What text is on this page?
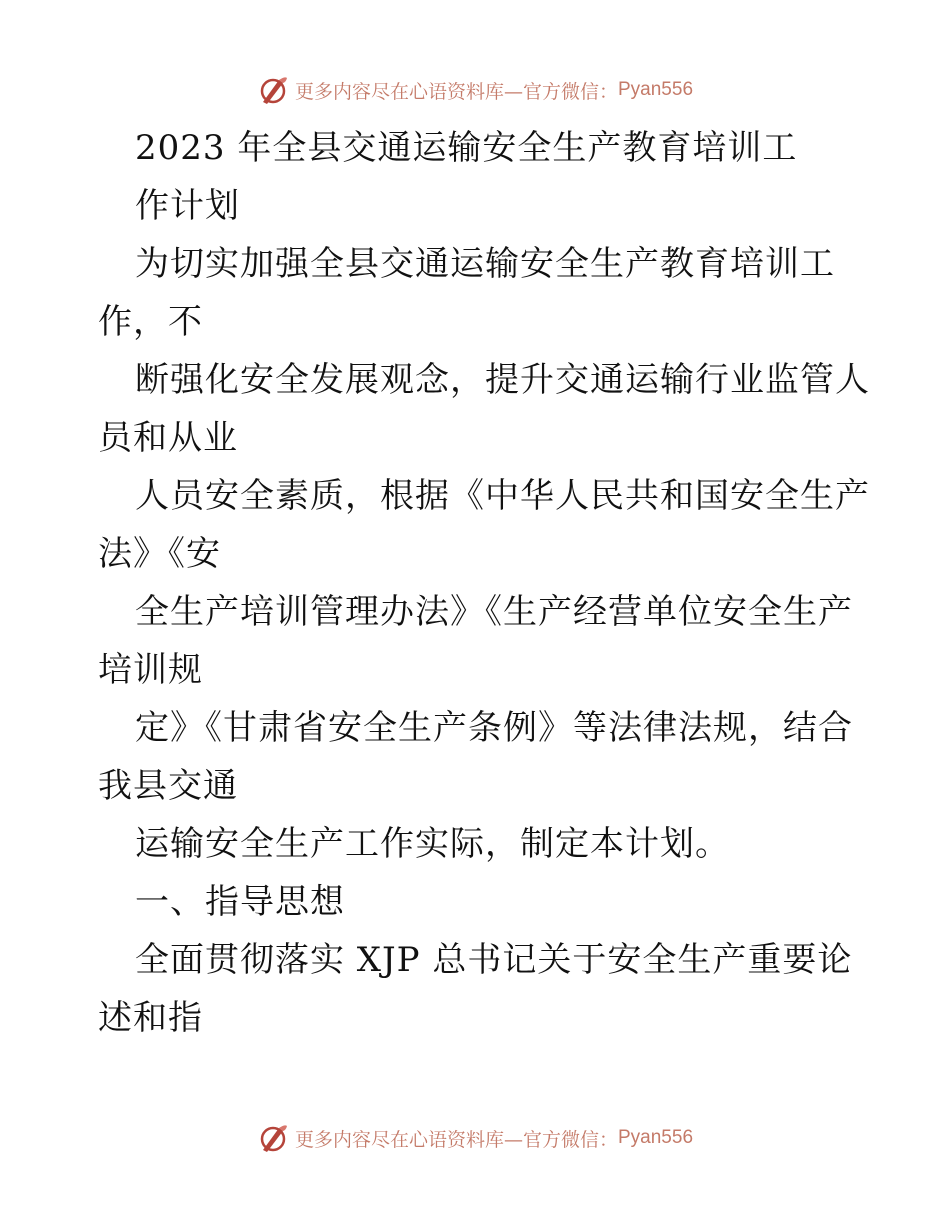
更多内容尽在心语资料库—官方微信： Pyan556
2023 年全县交通运输安全生产教育培训工
作计划
为切实加强全县交通运输安全生产教育培训工
作，不
断强化安全发展观念，提升交通运输行业监管人
员和从业
人员安全素质，根据《中华人民共和国安全生产
法》《安
全生产培训管理办法》《生产经营单位安全生产
培训规
定》《甘肃省安全生产条例》等法律法规，结合
我县交通
运输安全生产工作实际，制定本计划。
一、指导思想
全面贯彻落实 XJP 总书记关于安全生产重要论
述和指
更多内容尽在心语资料库—官方微信： Pyan556
